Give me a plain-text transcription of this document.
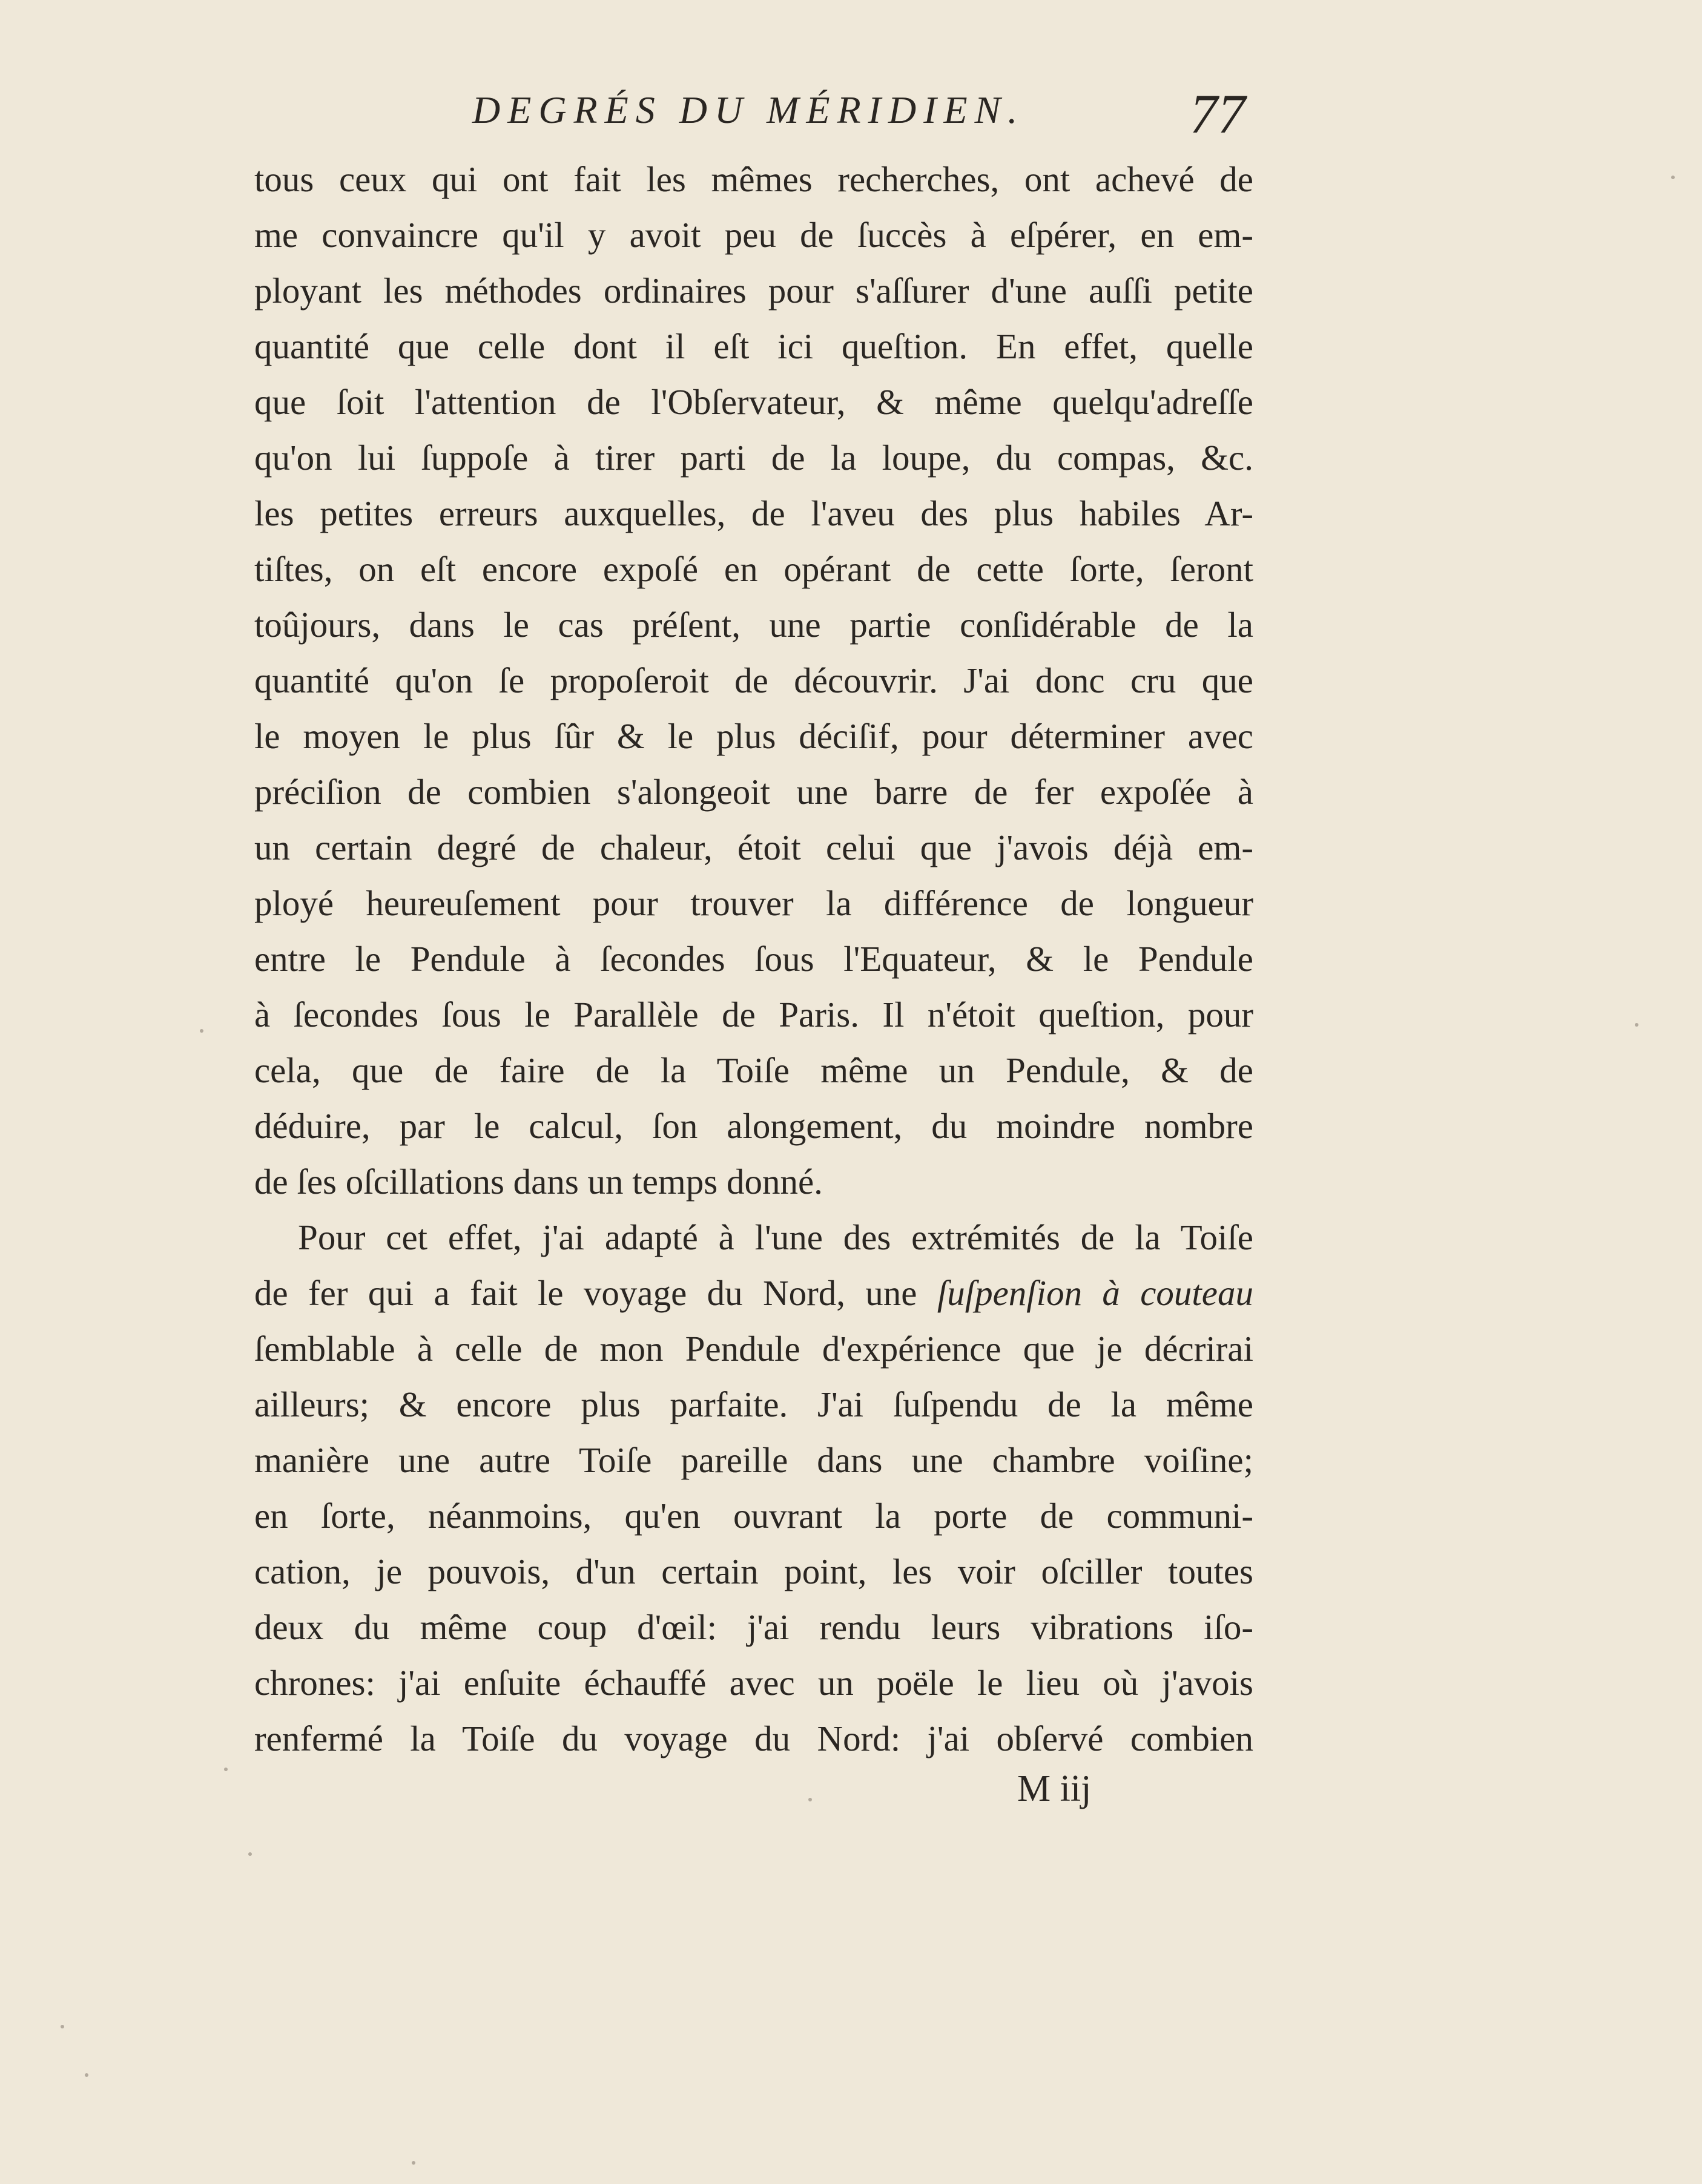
DEGRÉS DU MÉRIDIEN.	77
tous ceux qui ont fait les mêmes recherches, ont achevé de
me convaincre qu'il y avoit peu de ſuccès à eſpérer, en em-
ployant les méthodes ordinaires pour s'aſſurer d'une auſſi petite
quantité que celle dont il eſt ici queſtion. En effet, quelle
que ſoit l'attention de l'Obſervateur, & même quelqu'adreſſe
qu'on lui ſuppoſe à tirer parti de la loupe, du compas, &c.
les petites erreurs auxquelles, de l'aveu des plus habiles Ar-
tiſtes, on eſt encore expoſé en opérant de cette ſorte, ſeront
toûjours, dans le cas préſent, une partie conſidérable de la
quantité qu'on ſe propoſeroit de découvrir. J'ai donc cru que
le moyen le plus ſûr & le plus déciſif, pour déterminer avec
préciſion de combien s'alongeoit une barre de fer expoſée à
un certain degré de chaleur, étoit celui que j'avois déjà em-
ployé heureuſement pour trouver la différence de longueur
entre le Pendule à ſecondes ſous l'Equateur, & le Pendule
à ſecondes ſous le Parallèle de Paris. Il n'étoit queſtion, pour
cela, que de faire de la Toiſe même un Pendule, & de
déduire, par le calcul, ſon alongement, du moindre nombre
de ſes oſcillations dans un temps donné.
Pour cet effet, j'ai adapté à l'une des extrémités de la Toiſe
de fer qui a fait le voyage du Nord, une ſuſpenſion à couteau
ſemblable à celle de mon Pendule d'expérience que je décrirai
ailleurs; & encore plus parfaite. J'ai ſuſpendu de la même
manière une autre Toiſe pareille dans une chambre voiſine;
en ſorte, néanmoins, qu'en ouvrant la porte de communi-
cation, je pouvois, d'un certain point, les voir oſciller toutes
deux du même coup d'œil: j'ai rendu leurs vibrations iſo-
chrones: j'ai enſuite échauffé avec un poële le lieu où j'avois
renfermé la Toiſe du voyage du Nord: j'ai obſervé combien
M iij
